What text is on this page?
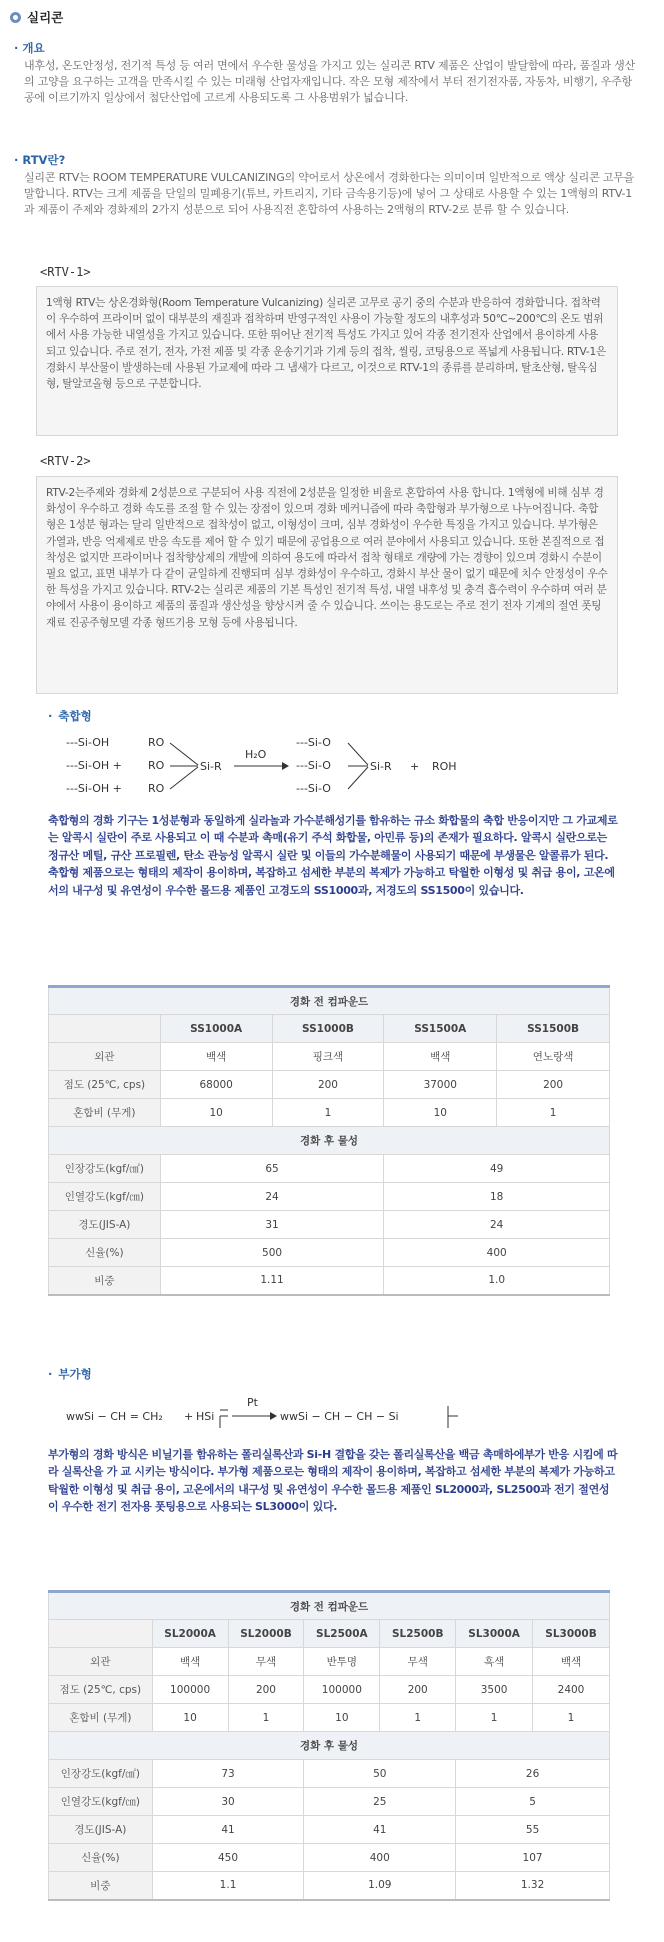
실리콘
· 개요
내후성, 온도안정성, 전기적 특성 등 여러 면에서 우수한 물성을 가지고 있는 실리콘 RTV 제품은 산업이 발달함에 따라, 품질과 생산의 고양을 요구하는 고객을 만족시킬 수 있는 미래형 산업자재입니다. 작은 모형 제작에서 부터 전기전자품, 자동차, 비행기, 우주항공에 이르기까지 일상에서 첨단산업에 고르게 사용되도록 그 사용범위가 넓습니다.
· RTV란?
실리콘 RTV는 ROOM TEMPERATURE VULCANIZING의 약어로서 상온에서 경화한다는 의미이며 일반적으로 액상 실리콘 고무을 말합니다. RTV는 크게 제품을 단일의 밀폐용기(튜브, 카트리지, 기타 금속용기등)에 넣어 그 상태로 사용할 수 있는 1액형의 RTV-1과 제품이 주제와 경화제의 2가지 성분으로 되어 사용직전 혼합하여 사용하는 2액형의 RTV-2로 분류 할 수 있습니다.
<RTV-1>
1액형 RTV는 상온경화형(Room Temperature Vulcanizing) 실리콘 고무로 공기 중의 수분과 반응하여 경화합니다. 접착력이 우수하여 프라이머 없이 대부분의 재질과 접착하며 반영구적인 사용이 가능할 정도의 내후성과 50℃~200℃의 온도 범위에서 사용 가능한 내열성을 가지고 있습니다. 또한 뛰어난 전기적 특성도 가지고 있어 각종 전기전자 산업에서 용이하게 사용되고 있습니다. 주로 전기, 전자, 가전 제품 및 각종 운송기기과 기계 등의 접착, 씰링, 코팅용으로 폭넓게 사용됩니다. RTV-1은 경화시 부산물이 발생하는데 사용된 가교제에 따라 그 냄새가 다르고, 이것으로 RTV-1의 종류를 분리하며, 탈초산형, 탈옥심형, 탈알코올형 등으로 구분합니다.
<RTV-2>
RTV-2는주제와 경화제 2성분으로 구분되어 사용 직전에 2성분을 일정한 비율로 혼합하여 사용 합니다. 1액형에 비해 심부 경화성이 우수하고 경화 속도를 조절 할 수 있는 장점이 있으며 경화 메커니즘에 따라 축합형과 부가형으로 나누어집니다. 축합형은 1성분 형과는 달리 일반적으로 접착성이 없고, 이형성이 크며, 심부 경화성이 우수한 특징을 가지고 있습니다. 부가형은 가열과, 반응 억제제로 반응 속도를 제어 할 수 있기 때문에 공업용으로 여러 분야에서 사용되고 있습니다. 또한 본질적으로 접착성은 없지만 프라이머나 접착향상제의 개발에 의하여 용도에 따라서 접착 형태로 개량에 가는 경향이 있으며 경화시 수분이 필요 없고, 표면 내부가 다 같이 균일하게 진행되며 심부 경화성이 우수하고, 경화시 부산 물이 없기 때문에 치수 안정성이 우수한 특성을 가지고 있습니다. RTV-2는 실리콘 제품의 기본 특성인 전기적 특성, 내열 내후성 및 충격 흡수력이 우수하며 여러 분야에서 사용이 용이하고 제품의 품질과 생산성을 향상시켜 줄 수 있습니다. 쓰이는 용도로는 주로 전기 전자 기계의 절연 폿팅재료 진공주형모델 각종 형뜨기용 모형 등에 사용됩니다.
· 축합형
---Si-OH
---Si-OH +
---Si-OH +
RO
RO
RO
Si-R
H₂O
---Si-O
---Si-O
---Si-O
Si-R + ROH
축합형의 경화 기구는 1성분형과 동일하게 실라놀과 가수분해성기를 함유하는 규소 화합물의 축합 반응이지만 그 가교제로는 알콕시 실란이 주로 사용되고 이 때 수분과 촉매(유기 주석 화합물, 아민류 등)의 존재가 필요하다. 알콕시 실란으로는 정규산 메틸, 규산 프로필렌, 탄소 관능성 알콕시 실란 및 이들의 가수분해물이 사용되기 때문에 부생물은 알콜류가 된다. 축합형 제품으로는 형태의 제작이 용이하며, 복잡하고 섬세한 부분의 복제가 가능하고 탁월한 이형성 및 취급 용이, 고온에서의 내구성 및 유연성이 우수한 몰드용 제품인 고경도의 SS1000과, 저경도의 SS1500이 있습니다.
경화 전 컴파운드				
	SS1000A	SS1000B	SS1500A	SS1500B
외관	백색	핑크색	백색	연노랑색
점도 (25℃, cps)	68000	200	37000	200
혼합비 (무게)	10	1	10	1
경화 후 물성				
인장강도(kgf/㎠)	65		49	
인열강도(kgf/㎝)	24		18	
경도(JIS-A)	31		24	
신율(%)	500		400	
비중	1.11		1.0	
· 부가형
wwSi − CH = CH₂ + HSi
Pt
wwSi − CH − CH − Si
부가형의 경화 방식은 비닐기를 함유하는 폴리실록산과 Si-H 결합을 갖는 폴리실록산을 백금 촉매하에부가 반응 시킴에 따라 실록산을 가 교 시키는 방식이다. 부가형 제품으로는 형태의 제작이 용이하며, 복잡하고 섬세한 부분의 복제가 가능하고 탁월한 이형성 및 취급 용이, 고온에서의 내구성 및 유연성이 우수한 몰드용 제품인 SL2000과, SL2500과 전기 절연성이 우수한 전기 전자용 폿팅용으로 사용되는 SL3000이 있다.
경화 전 컴파운드						
	SL2000A	SL2000B	SL2500A	SL2500B	SL3000A	SL3000B
외관	백색	무색	반투명	무색	흑색	백색
점도 (25℃, cps)	100000	200	100000	200	3500	2400
혼합비 (무게)	10	1	10	1	1	1
경화 후 물성						
인장강도(kgf/㎠)	73		50		26	
인열강도(kgf/㎝)	30		25		5	
경도(JIS-A)	41		41		55	
신율(%)	450		400		107	
비중	1.1		1.09		1.32	
